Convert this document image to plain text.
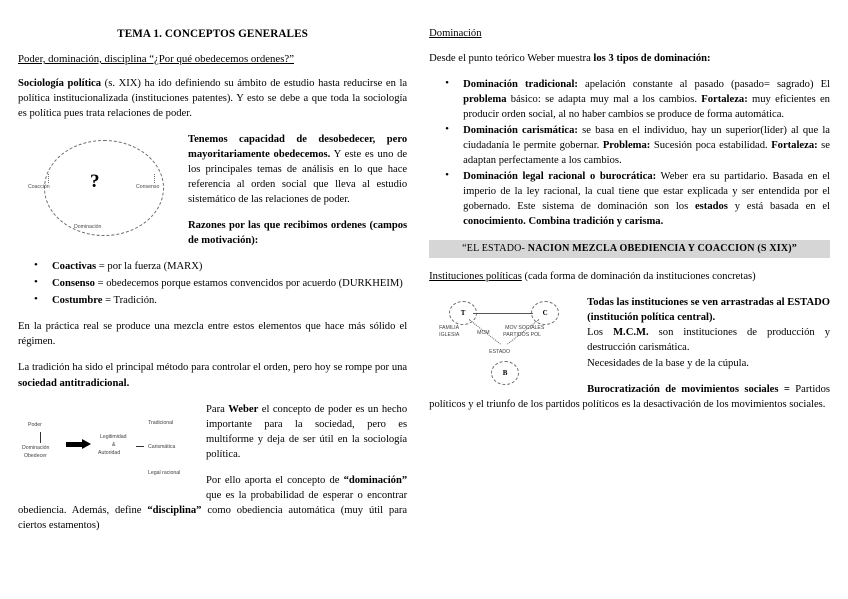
TEMA 1. CONCEPTOS GENERALES
Poder, dominación, disciplina “¿Por qué obedecemos ordenes?”

Sociología política (s. XIX) ha ido definiendo su ámbito de estudio hasta reducirse en la política institucionalizada (instituciones patentes). Y esto se debe a que toda la sociología es política pues trata relaciones de poder.

?
Coacción	Consenso
Dominación

Tenemos capacidad de desobedecer, pero mayoritariamente obedecemos. Y este es uno de los principales temas de análisis en lo que hace referencia al orden social que lleva al estudio sistemático de las relaciones de poder.

Razones por las que recibimos ordenes (campos de motivación):

• Coactivas = por la fuerza (MARX)
• Consenso = obedecemos porque estamos convencidos por acuerdo (DURKHEIM)
• Costumbre = Tradición.

En la práctica real se produce una mezcla entre estos elementos que hace más sólido el régimen.

La tradición ha sido el principal método para controlar el orden, pero hoy se rompe por una sociedad antitradicional.

Poder
Dominación
Obedecer
Legitimidad
&
Autoridad
Tradicional
Carismática
Legal racional

Para Weber el concepto de poder es un hecho importante para la sociedad, pero es multiforme y deja de ser útil en la sociología política.

Por ello aporta el concepto de “dominación” que es la probabilidad de esperar o encontrar obediencia. Además, define “disciplina” como obediencia automática (muy útil para ciertos estamentos)

Dominación

Desde el punto teórico Weber muestra los 3 tipos de dominación:

• Dominación tradicional: apelación constante al pasado (pasado= sagrado) El problema básico: se adapta muy mal a los cambios. Fortaleza: muy eficientes en producir orden social, al no haber cambios se produce de forma automática.
• Dominación carismática: se basa en el individuo, hay un superior(líder) al que la ciudadanía le permite gobernar. Problema: Sucesión poca estabilidad. Fortaleza: se adaptan perfectamente a los cambios.
• Dominación legal racional o burocrática: Weber era su partidario. Basada en el imperio de la ley racional, la cual tiene que estar explicada y ser entendida por el gobernado. Este sistema de dominación son los estados y está basada en el conocimiento. Combina tradición y carisma.
“EL ESTADO- NACION MEZCLA OBEDIENCIA Y COACCION (S XIX)”

Instituciones políticas (cada forma de dominación da instituciones concretas)

T	C
B
FAMILIA
IGLESIA	MCM
MOV SOCIALES
PARTIDOS POL
ESTADO

Todas las instituciones se ven arrastradas al ESTADO (institución política central).

Los M.C.M. son instituciones de producción y destrucción carismática.

Necesidades de la base y de la cúpula.

Burocratización de movimientos sociales = Partidos políticos y el triunfo de los partidos políticos es la desactivación de los movimientos sociales.
